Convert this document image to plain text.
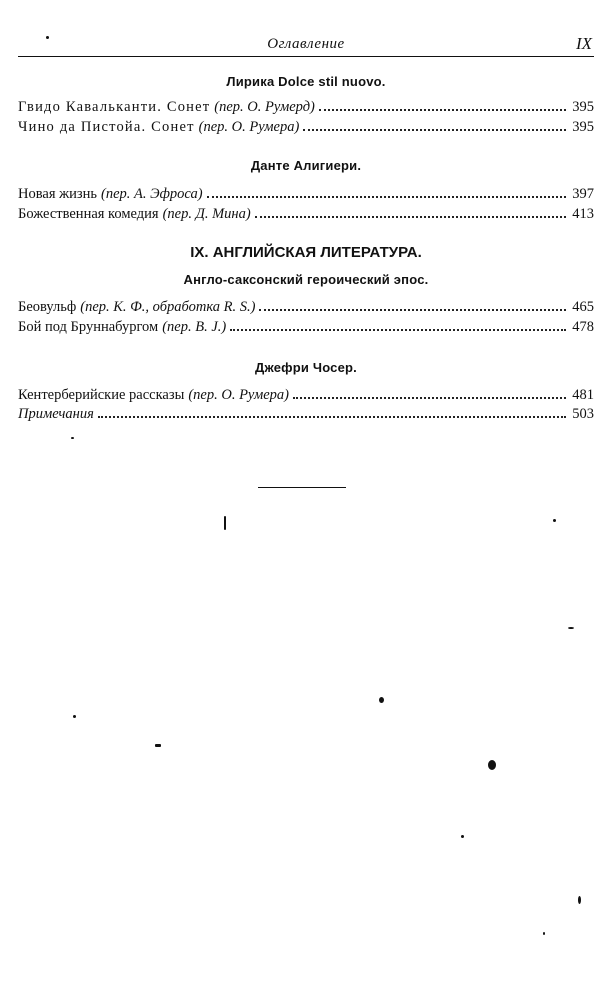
Оглавление	IX
Лирика Dolce stil nuovo.
Гвидо Кавальканти. Сонет (пер. О. Румерд)	395
Чино да Пистойа. Сонет (пер. О. Румера)	395
Данте Алигиери.
Новая жизнь (пер. А. Эфроса)	397
Божественная комедия (пер. Д. Мина)	413
IX. АНГЛИЙСКАЯ ЛИТЕРАТУРА.
Англо-саксонский героический эпос.
Беовульф (пер. К. Ф., обработка R. S.)	465
Бой под Бруннабургом (пер. В. J.)	478
Джефри Чосер.
Кентерберийские рассказы (пер. О. Румера)	481
Примечания	503
